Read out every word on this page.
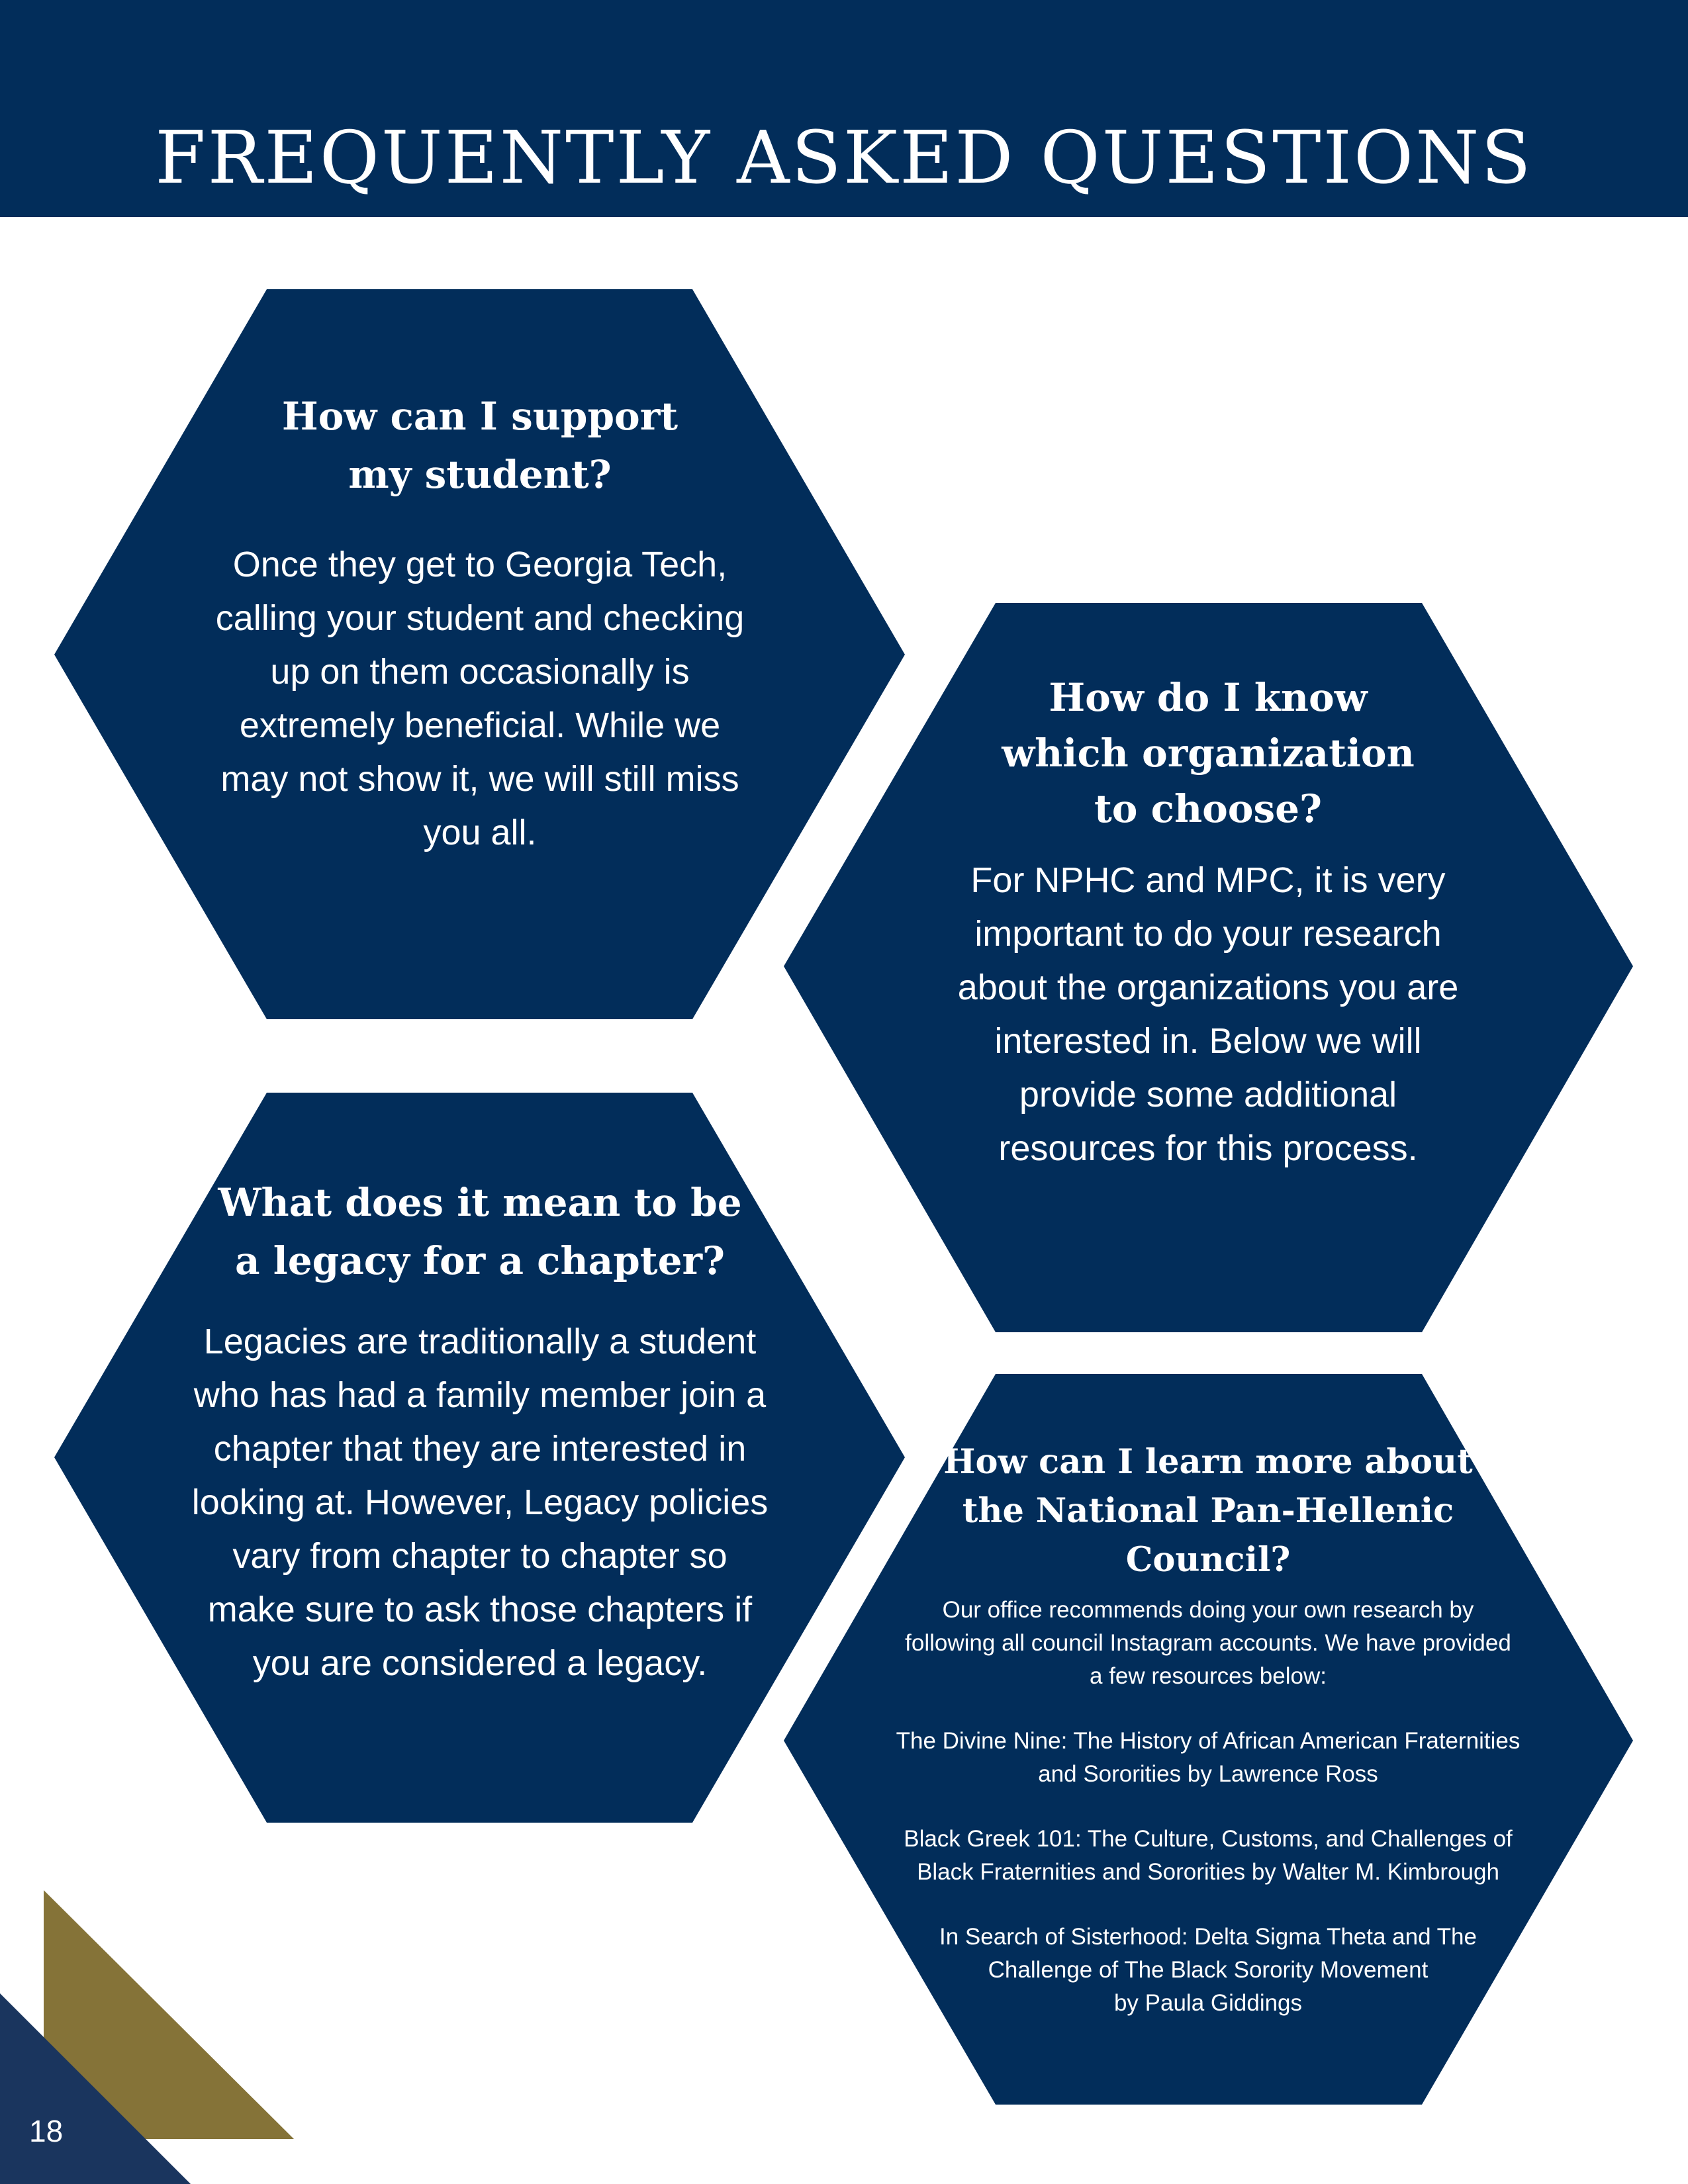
FREQUENTLY ASKED QUESTIONS

How can I support
my student?

Once they get to Georgia Tech,
calling your student and checking
up on them occasionally is
extremely beneficial. While we
may not show it, we will still miss
you all.

How do I know
which organization
to choose?

For NPHC and MPC, it is very
important to do your research
about the organizations you are
interested in. Below we will
provide some additional
resources for this process.

What does it mean to be
a legacy for a chapter?

Legacies are traditionally a student
who has had a family member join a
chapter that they are interested in
looking at. However, Legacy policies
vary from chapter to chapter so
make sure to ask those chapters if
you are considered a legacy.

How can I learn more about
the National Pan-Hellenic
Council?

Our office recommends doing your own research by
following all council Instagram accounts. We have provided
a few resources below:

The Divine Nine: The History of African American Fraternities
and Sororities by Lawrence Ross

Black Greek 101: The Culture, Customs, and Challenges of
Black Fraternities and Sororities by Walter M. Kimbrough

In Search of Sisterhood: Delta Sigma Theta and The
Challenge of The Black Sorority Movement
by Paula Giddings

18
